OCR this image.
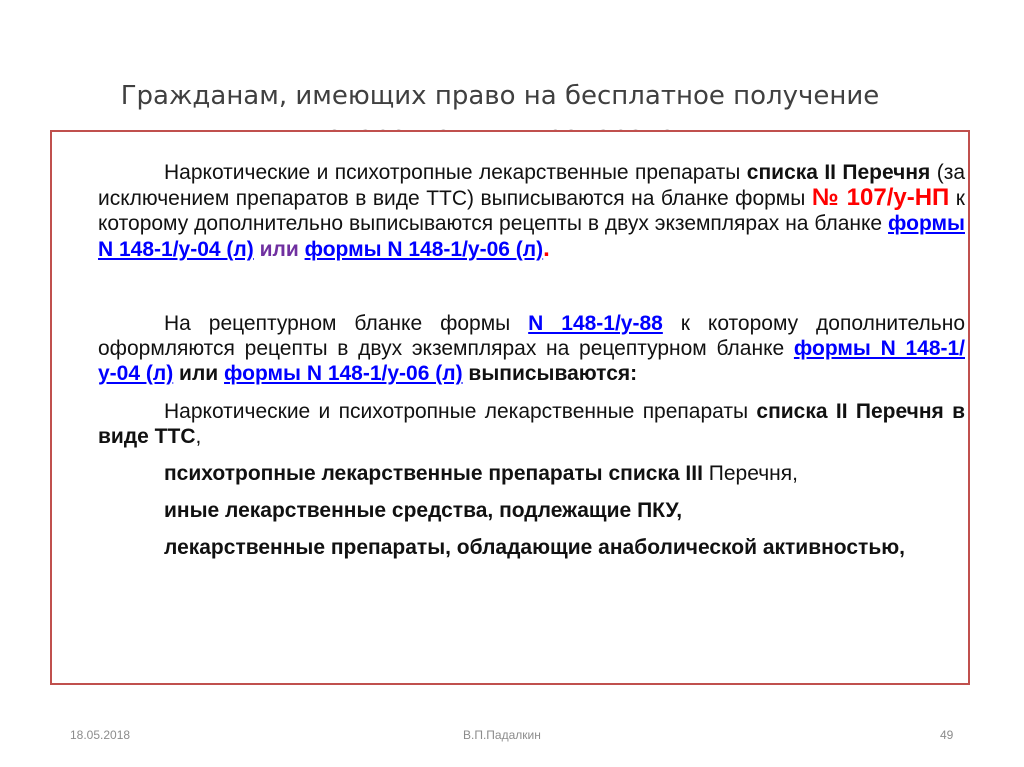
Гражданам, имеющих право на бесплатное получение

Наркотические и психотропные лекарственные препараты списка II Перечня (за исключением препаратов в виде ТТС) выписываются на бланке формы № 107/у-НП к которому дополнительно выписываются рецепты в двух экземплярах на бланке формы N 148-1/у-04 (л) или формы N 148-1/у-06 (л).

На рецептурном бланке формы N 148-1/у-88 к которому дополнительно оформляются рецепты в двух экземплярах на рецептурном бланке формы N 148-1/у-04 (л) или формы N 148-1/у-06 (л) выписываются:

Наркотические и психотропные лекарственные препараты списка II Перечня в виде ТТС,

психотропные лекарственные препараты списка III Перечня,

иные лекарственные средства, подлежащие ПКУ,

лекарственные препараты, обладающие анаболической активностью,

18.05.2018	В.П.Падалкин	49
